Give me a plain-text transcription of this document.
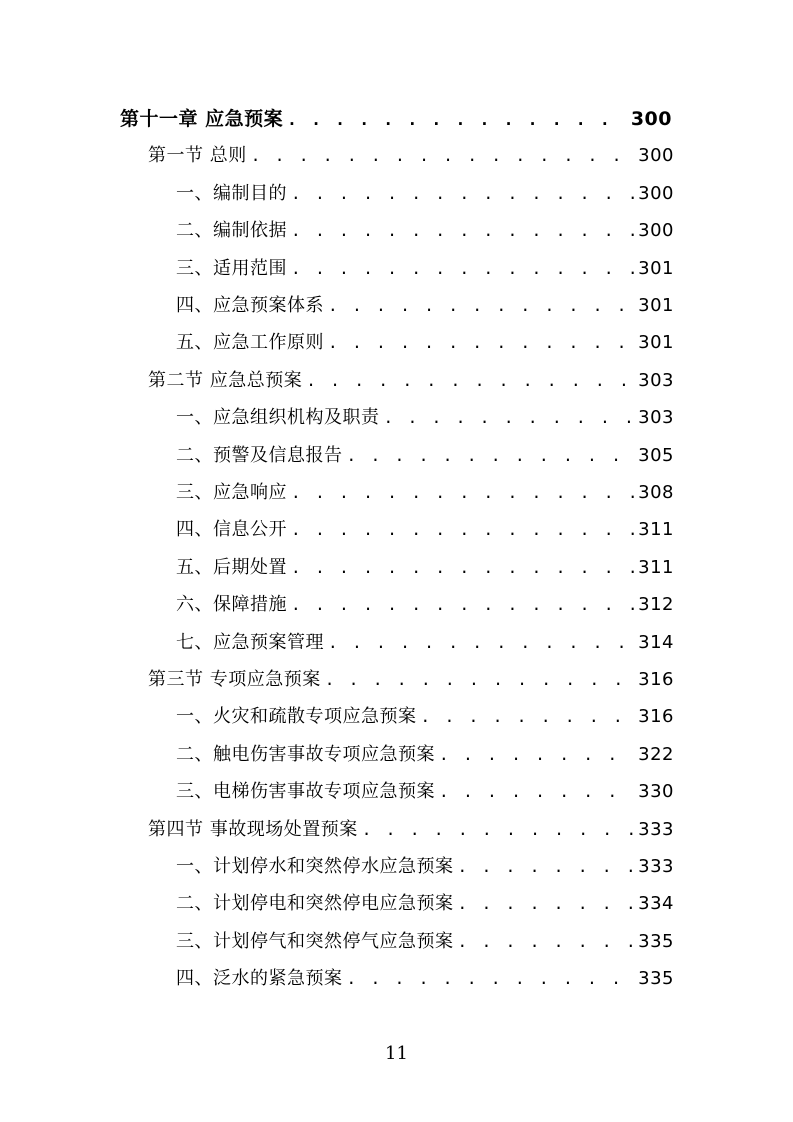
第十一章 应急预案 . . .	300
第一节 总则 . . .	300
一、编制目的 . . .	300
二、编制依据 . . .	300
三、适用范围 . . .	301
四、应急预案体系 . . .	301
五、应急工作原则 . . .	301
第二节 应急总预案 . . .	303
一、应急组织机构及职责 . . .	303
二、预警及信息报告 . . .	305
三、应急响应 . . .	308
四、信息公开 . . .	311
五、后期处置 . . .	311
六、保障措施 . . .	312
七、应急预案管理 . . .	314
第三节 专项应急预案 . . .	316
一、火灾和疏散专项应急预案 . . .	316
二、触电伤害事故专项应急预案 . . .	322
三、电梯伤害事故专项应急预案 . . .	330
第四节 事故现场处置预案 . . .	333
一、计划停水和突然停水应急预案 . . .	333
二、计划停电和突然停电应急预案 . . .	334
三、计划停气和突然停气应急预案 . . .	335
四、泛水的紧急预案 . . .	335
11
